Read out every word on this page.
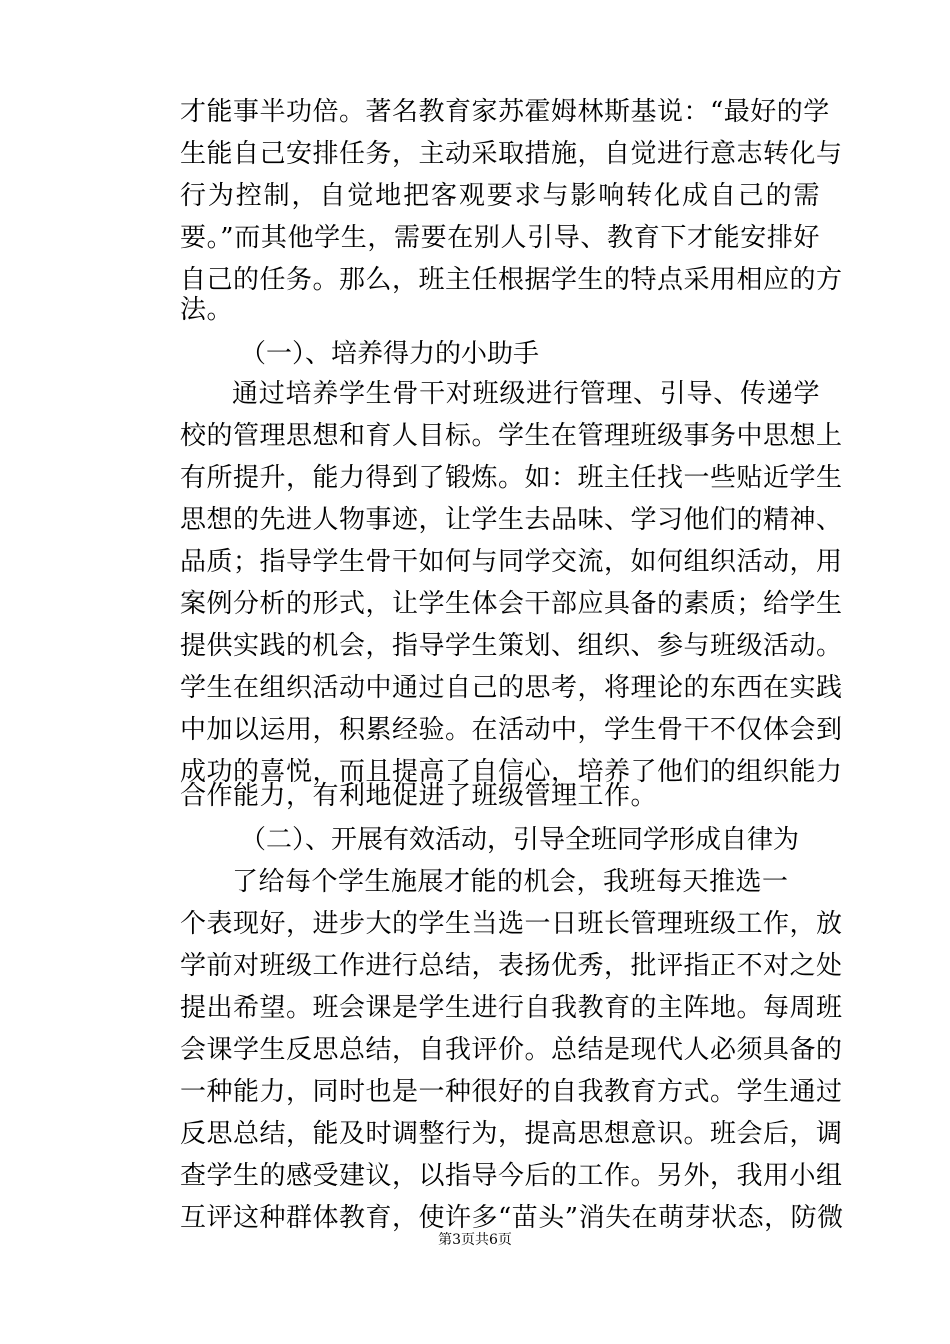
才能事半功倍。著名教育家苏霍姆林斯基说：“最好的学
生能自己安排任务，主动采取措施，自觉进行意志转化与
行为控制，自觉地把客观要求与影响转化成自己的需
要。”而其他学生，需要在别人引导、教育下才能安排好
自己的任务。那么，班主任根据学生的特点采用相应的方
法。
（一）、培养得力的小助手
通过培养学生骨干对班级进行管理、引导、传递学
校的管理思想和育人目标。学生在管理班级事务中思想上
有所提升，能力得到了锻炼。如：班主任找一些贴近学生
思想的先进人物事迹，让学生去品味、学习他们的精神、
品质；指导学生骨干如何与同学交流，如何组织活动，用
案例分析的形式，让学生体会干部应具备的素质；给学生
提供实践的机会，指导学生策划、组织、参与班级活动。
学生在组织活动中通过自己的思考，将理论的东西在实践
中加以运用，积累经验。在活动中，学生骨干不仅体会到
成功的喜悦，而且提高了自信心，培养了他们的组织能力
合作能力，有利地促进了班级管理工作。
（二）、开展有效活动，引导全班同学形成自律为
了给每个学生施展才能的机会，我班每天推选一
个表现好，进步大的学生当选一日班长管理班级工作，放
学前对班级工作进行总结，表扬优秀，批评指正不对之处
提出希望。班会课是学生进行自我教育的主阵地。每周班
会课学生反思总结，自我评价。总结是现代人必须具备的
一种能力，同时也是一种很好的自我教育方式。学生通过
反思总结，能及时调整行为，提高思想意识。班会后，调
查学生的感受建议，以指导今后的工作。另外，我用小组
互评这种群体教育，使许多“苗头”消失在萌芽状态，防微
第3页共6页
